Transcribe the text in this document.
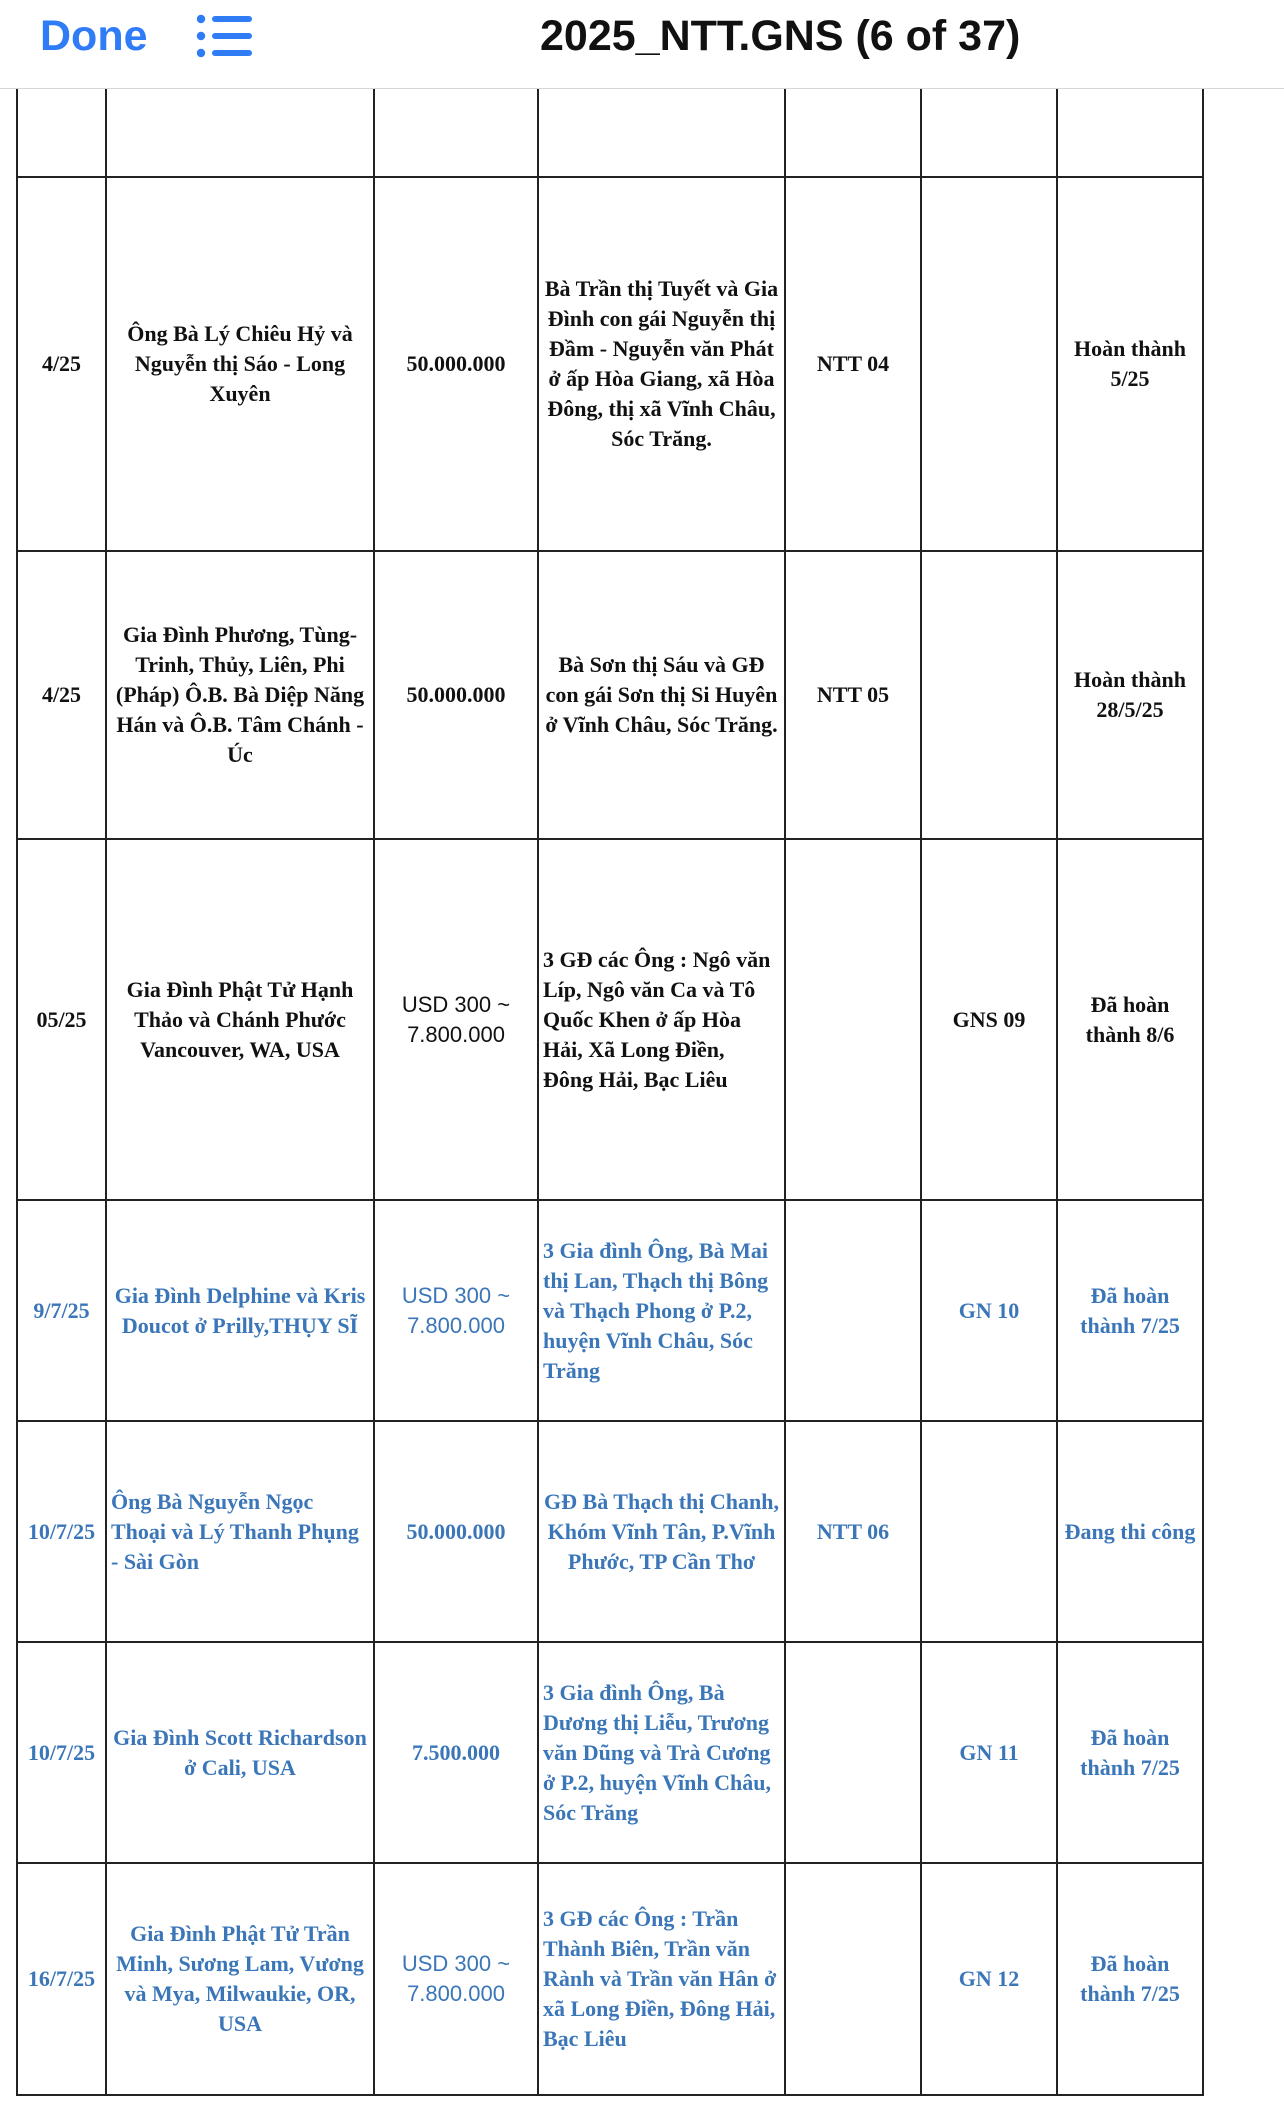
Done	2025_NTT.GNS (6 of 37)

4/25	Ông Bà Lý Chiêu Hỷ và Nguyễn thị Sáo - Long Xuyên	50.000.000	Bà Trần thị Tuyết và Gia Đình con gái Nguyễn thị Đầm - Nguyễn văn Phát ở ấp Hòa Giang, xã Hòa Đông, thị xã Vĩnh Châu, Sóc Trăng.	NTT 04		Hoàn thành 5/25
4/25	Gia Đình Phương, Tùng-Trinh, Thủy, Liên, Phi (Pháp) Ô.B. Bà Diệp Năng Hán và Ô.B. Tâm Chánh - Úc	50.000.000	Bà Sơn thị Sáu và GĐ con gái Sơn thị Si Huyên ở Vĩnh Châu, Sóc Trăng.	NTT 05		Hoàn thành 28/5/25
05/25	Gia Đình Phật Tử Hạnh Thảo và Chánh Phước Vancouver, WA, USA	USD 300 ~ 7.800.000	3 GĐ các Ông : Ngô văn Líp, Ngô văn Ca và Tô Quốc Khen ở ấp Hòa Hải, Xã Long Điền, Đông Hải, Bạc Liêu		GNS 09	Đã hoàn thành 8/6
9/7/25	Gia Đình Delphine và Kris Doucot ở Prilly,THỤY SĨ	USD 300 ~ 7.800.000	3 Gia đình Ông, Bà Mai thị Lan, Thạch thị Bông và Thạch Phong ở P.2, huyện Vĩnh Châu, Sóc Trăng		GN 10	Đã hoàn thành 7/25
10/7/25	Ông Bà Nguyễn Ngọc Thoại và Lý Thanh Phụng - Sài Gòn	50.000.000	GĐ Bà Thạch thị Chanh, Khóm Vĩnh Tân, P.Vĩnh Phước, TP Cần Thơ	NTT 06		Đang thi công
10/7/25	Gia Đình Scott Richardson ở Cali, USA	7.500.000	3 Gia đình Ông, Bà Dương thị Liễu, Trương văn Dũng và Trà Cương ở P.2, huyện Vĩnh Châu, Sóc Trăng		GN 11	Đã hoàn thành 7/25
16/7/25	Gia Đình Phật Tử Trần Minh, Sương Lam, Vương và Mya, Milwaukie, OR, USA	USD 300 ~ 7.800.000	3 GĐ các Ông : Trần Thành Biên, Trần văn Rành và Trần văn Hân ở xã Long Điền, Đông Hải, Bạc Liêu		GN 12	Đã hoàn thành 7/25
